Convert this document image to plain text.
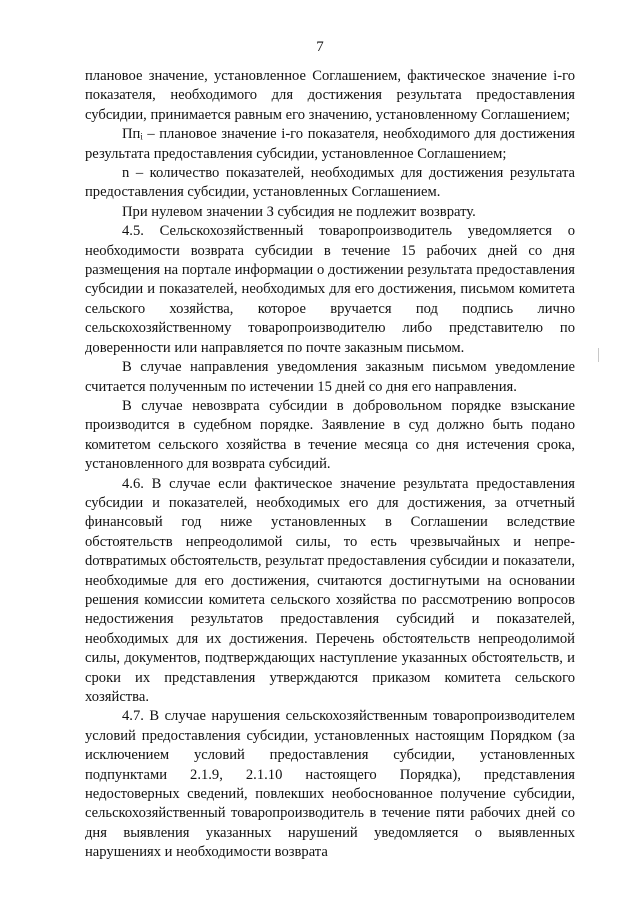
7

плановое значение, установленное Соглашением, фактическое значение i-го показателя, необходимого для достижения результата предоставления субсидии, принимается равным его значению, установленному Соглашением;

Ппᵢ – плановое значение i-го показателя, необходимого для достижения результата предоставления субсидии, установленное Соглашением;

n – количество показателей, необходимых для достижения результата предоставления субсидии, установленных Соглашением.

При нулевом значении З субсидия не подлежит возврату.

4.5. Сельскохозяйственный товаропроизводитель уведомляется о необходимости возврата субсидии в течение 15 рабочих дней со дня размещения на портале информации о достижении результата предоставления субсидии и показателей, необходимых для его достижения, письмом комитета сельского хозяйства, которое вручается под подпись лично сельскохозяйственному товаропроизводителю либо представителю по доверенности или направляется по почте заказным письмом.

В случае направления уведомления заказным письмом уведомление считается полученным по истечении 15 дней со дня его направления.

В случае невозврата субсидии в добровольном порядке взыскание производится в судебном порядке. Заявление в суд должно быть подано комитетом сельского хозяйства в течение месяца со дня истечения срока, установленного для возврата субсидий.

4.6. В случае если фактическое значение результата предоставления субсидии и показателей, необходимых его для достижения, за отчетный финансовый год ниже установленных в Соглашении вследствие обстоятельств непреодолимой силы, то есть чрезвычайных и непреdотвратимых обстоятельств, результат предоставления субсидии и показатели, необходимые для его достижения, считаются достигнутыми на основании решения комиссии комитета сельского хозяйства по рассмотрению вопросов недостижения результатов предоставления субсидий и показателей, необходимых для их достижения. Перечень обстоятельств непреодолимой силы, документов, подтверждающих наступление указанных обстоятельств, и сроки их представления утверждаются приказом комитета сельского хозяйства.

4.7. В случае нарушения сельскохозяйственным товаропроизводителем условий предоставления субсидии, установленных настоящим Порядком (за исключением условий предоставления субсидии, установленных подпунктами 2.1.9, 2.1.10 настоящего Порядка), представления недостоверных сведений, повлекших необоснованное получение субсидии, сельскохозяйственный товаропроизводитель в течение пяти рабочих дней со дня выявления указанных нарушений уведомляется о выявленных нарушениях и необходимости возврата
